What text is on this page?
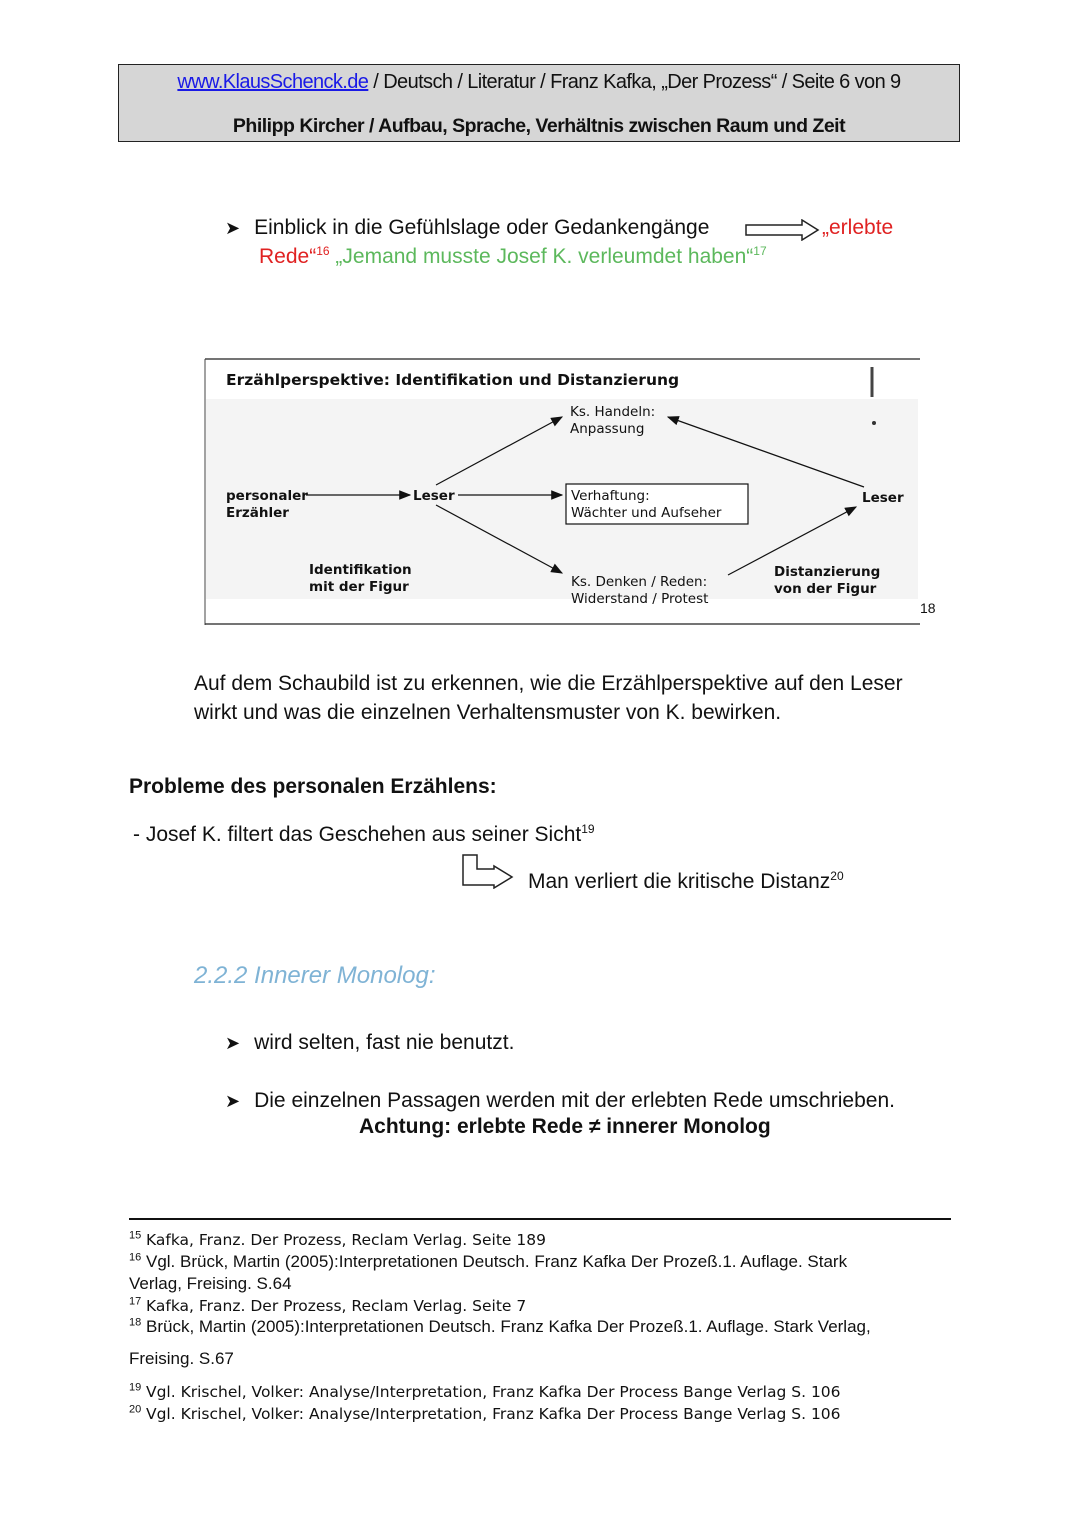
www.KlausSchenck.de / Deutsch / Literatur / Franz Kafka, „Der Prozess“ / Seite 6 von 9
Philipp Kircher / Aufbau, Sprache, Verhältnis zwischen Raum und Zeit
➤ Einblick in die Gefühlslage oder Gedankengänge	„erlebte
Rede“$^{16}$ „Jemand musste Josef K. verleumdet haben“$^{17}$
Erzählperspektive: Identifikation und Distanzierung
personaler
Erzähler
Leser
Ks. Handeln:
Anpassung
Verhaftung:
Wächter und Aufseher
Ks. Denken / Reden:
Widerstand / Protest
Identifikation
mit der Figur
Distanzierung
von der Figur
Leser
18
Auf dem Schaubild ist zu erkennen, wie die Erzählperspektive auf den Leser
wirkt und was die einzelnen Verhaltensmuster von K. bewirken.
Probleme des personalen Erzählens:
- Josef K. filtert das Geschehen aus seiner Sicht$^{19}$
Man verliert die kritische Distanz$^{20}$
2.2.2 Innerer Monolog:
➤ wird selten, fast nie benutzt.
➤ Die einzelnen Passagen werden mit der erlebten Rede umschrieben.
Achtung: erlebte Rede ≠ innerer Monolog
$^{15}$ Kafka, Franz. Der Prozess, Reclam Verlag. Seite 189
$^{16}$ Vgl. Brück, Martin (2005):Interpretationen Deutsch. Franz Kafka Der Prozeß.1. Auflage. Stark
Verlag, Freising. S.64
$^{17}$ Kafka, Franz. Der Prozess, Reclam Verlag. Seite 7
$^{18}$ Brück, Martin (2005):Interpretationen Deutsch. Franz Kafka Der Prozeß.1. Auflage. Stark Verlag,
Freising. S.67
$^{19}$ Vgl. Krischel, Volker: Analyse/Interpretation, Franz Kafka Der Process Bange Verlag S. 106
$^{20}$ Vgl. Krischel, Volker: Analyse/Interpretation, Franz Kafka Der Process Bange Verlag S. 106
